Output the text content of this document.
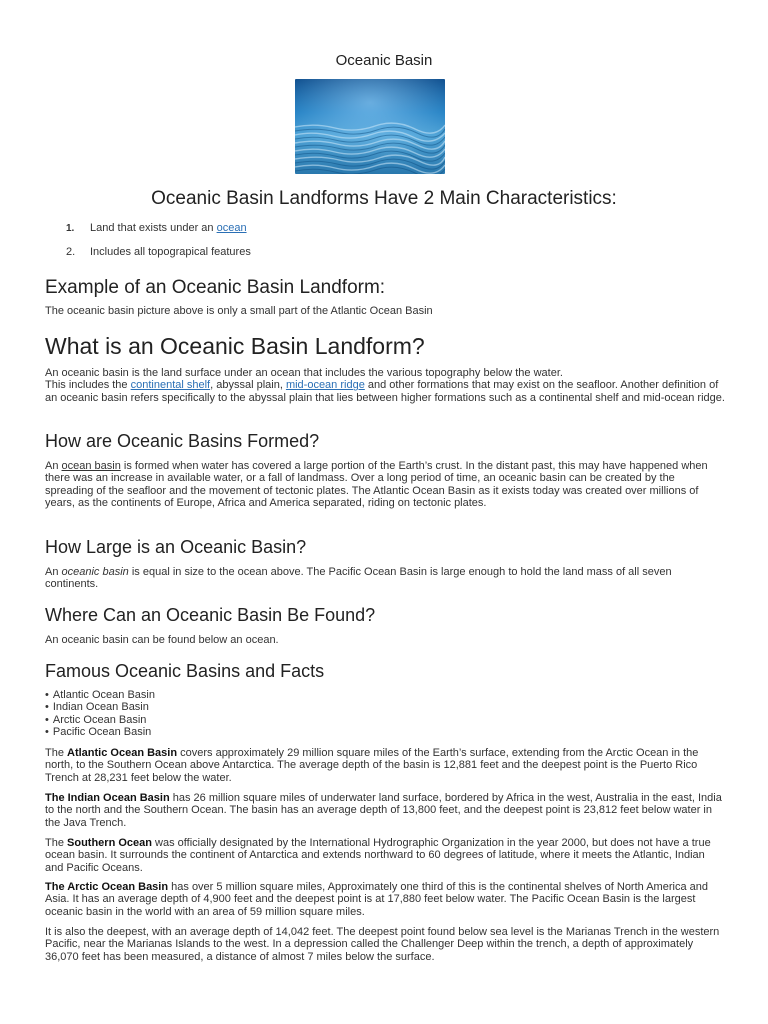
Oceanic Basin
Oceanic Basin Landforms Have 2 Main Characteristics:
1.	Land that exists under an ocean
2.	Includes all topograpical features
Example of an Oceanic Basin Landform:

The oceanic basin picture above is only a small part of the Atlantic Ocean Basin

What is an Oceanic Basin Landform?

An oceanic basin is the land surface under an ocean that includes the various topography below the water.
This includes the continental shelf, abyssal plain, mid-ocean ridge and other formations that may exist on the seafloor. Another definition of an oceanic basin refers specifically to the abyssal plain that lies between higher formations such as a continental shelf and mid-ocean ridge.

How are Oceanic Basins Formed?

An ocean basin is formed when water has covered a large portion of the Earth’s crust. In the distant past, this may have happened when there was an increase in available water, or a fall of landmass. Over a long period of time, an oceanic basin can be created by the spreading of the seafloor and the movement of tectonic plates. The Atlantic Ocean Basin as it exists today was created over millions of years, as the continents of Europe, Africa and America separated, riding on tectonic plates.

How Large is an Oceanic Basin?

An oceanic basin is equal in size to the ocean above. The Pacific Ocean Basin is large enough to hold the land mass of all seven continents.

Where Can an Oceanic Basin Be Found?

An oceanic basin can be found below an ocean.

Famous Oceanic Basins and Facts
• Atlantic Ocean Basin
• Indian Ocean Basin
• Arctic Ocean Basin
• Pacific Ocean Basin

The Atlantic Ocean Basin covers approximately 29 million square miles of the Earth’s surface, extending from the Arctic Ocean in the north, to the Southern Ocean above Antarctica. The average depth of the basin is 12,881 feet and the deepest point is the Puerto Rico Trench at 28,231 feet below the water.

The Indian Ocean Basin has 26 million square miles of underwater land surface, bordered by Africa in the west, Australia in the east, India to the north and the Southern Ocean. The basin has an average depth of 13,800 feet, and the deepest point is 23,812 feet below water in the Java Trench.

The Southern Ocean was officially designated by the International Hydrographic Organization in the year 2000, but does not have a true ocean basin. It surrounds the continent of Antarctica and extends northward to 60 degrees of latitude, where it meets the Atlantic, Indian and Pacific Oceans.

The Arctic Ocean Basin has over 5 million square miles, Approximately one third of this is the continental shelves of North America and Asia. It has an average depth of 4,900 feet and the deepest point is at 17,880 feet below water. The Pacific Ocean Basin is the largest oceanic basin in the world with an area of 59 million square miles.

It is also the deepest, with an average depth of 14,042 feet. The deepest point found below sea level is the Marianas Trench in the western Pacific, near the Marianas Islands to the west. In a depression called the Challenger Deep within the trench, a depth of approximately 36,070 feet has been measured, a distance of almost 7 miles below the surface.
